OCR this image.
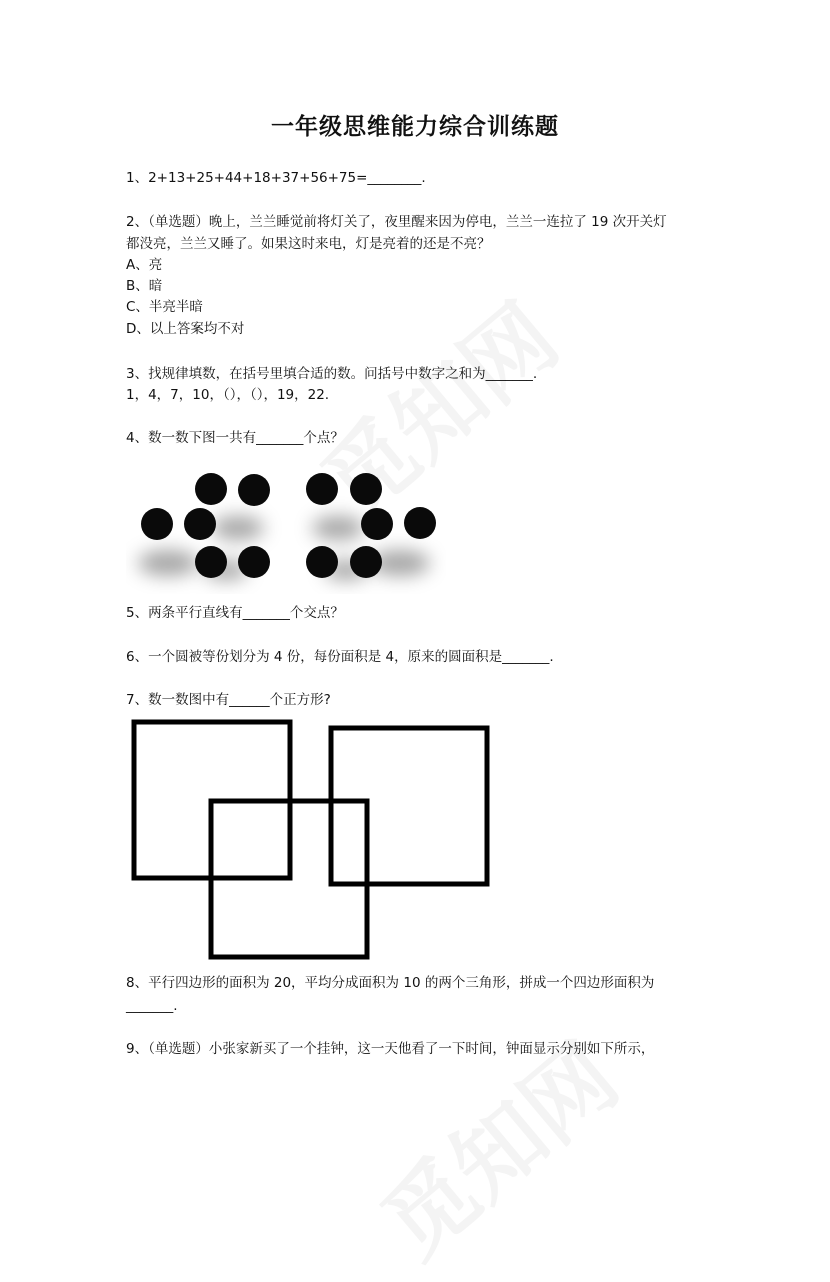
一年级思维能力综合训练题
1、2+13+25+44+18+37+56+75=________.
2、（单选题）晚上，兰兰睡觉前将灯关了，夜里醒来因为停电，兰兰一连拉了 19 次开关灯
都没亮，兰兰又睡了。如果这时来电，灯是亮着的还是不亮？
A、亮
B、暗
C、半亮半暗
D、以上答案均不对
3、找规律填数，在括号里填合适的数。问括号中数字之和为_______.
1，4，7，10，（），（），19，22.
4、数一数下图一共有_______个点？
5、两条平行直线有_______个交点？
6、一个圆被等份划分为 4 份，每份面积是 4，原来的圆面积是_______.
7、数一数图中有______个正方形?
8、平行四边形的面积为 20，平均分成面积为 10 的两个三角形，拼成一个四边形面积为
_______.
9、（单选题）小张家新买了一个挂钟，这一天他看了一下时间，钟面显示分别如下所示，
